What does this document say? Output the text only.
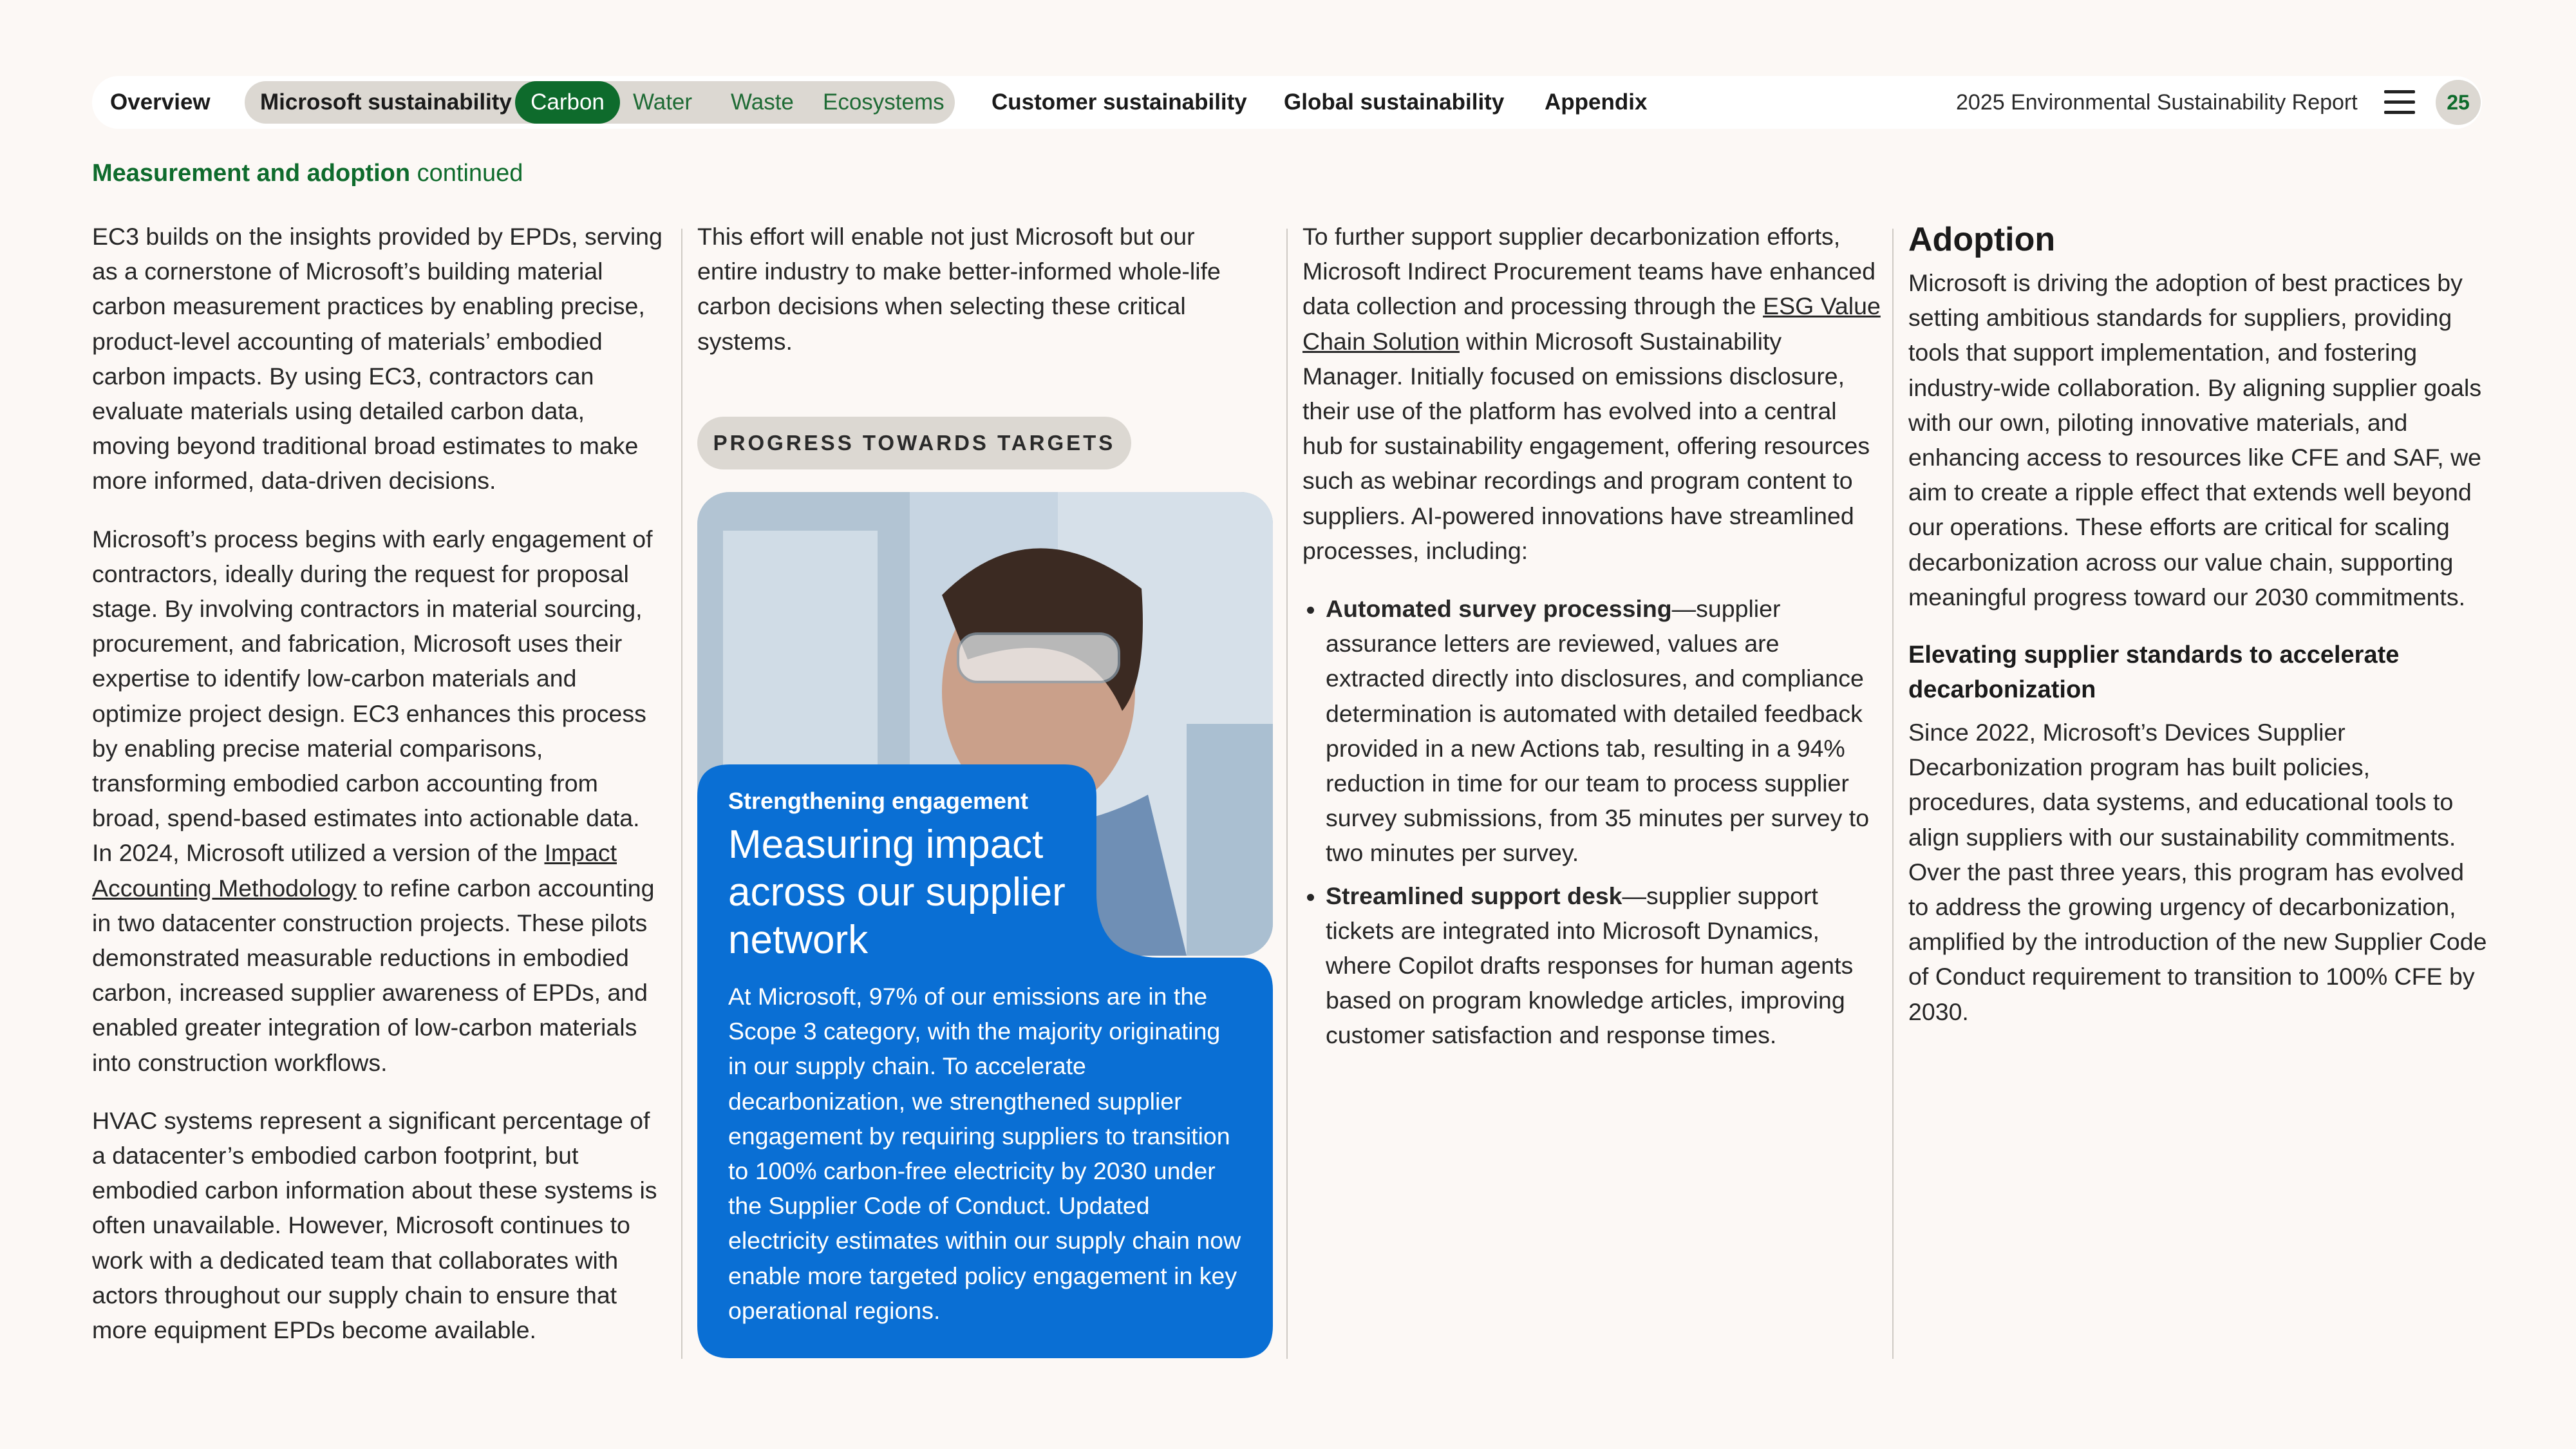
Overview Microsoft sustainability Carbon	Water Waste Ecosystems Customer sustainability Global sustainability Appendix	2025 Environmental Sustainability Report	25
Measurement and adoption continued

EC3 builds on the insights provided by EPDs, serving as a cornerstone of Microsoft’s building material carbon measurement practices by enabling precise, product-level accounting of materials’ embodied carbon impacts. By using EC3, contractors can evaluate materials using detailed carbon data, moving beyond traditional broad estimates to make more informed, data-driven decisions.

Microsoft’s process begins with early engagement of contractors, ideally during the request for proposal stage. By involving contractors in material sourcing, procurement, and fabrication, Microsoft uses their expertise to identify low-carbon materials and optimize project design. EC3 enhances this process by enabling precise material comparisons, transforming embodied carbon accounting from broad, spend-based estimates into actionable data. In 2024, Microsoft utilized a version of the Impact Accounting Methodology to refine carbon accounting in two datacenter construction projects. These pilots demonstrated measurable reductions in embodied carbon, increased supplier awareness of EPDs, and enabled greater integration of low-carbon materials into construction workflows.

HVAC systems represent a significant percentage of a datacenter’s embodied carbon footprint, but embodied carbon information about these systems is often unavailable. However, Microsoft continues to work with a dedicated team that collaborates with actors throughout our supply chain to ensure that more equipment EPDs become available.

This effort will enable not just Microsoft but our entire industry to make better-informed whole-life carbon decisions when selecting these critical systems.

PROGRESS TOWARDS TARGETS
Strengthening engagement
Measuring impact across our supplier network
At Microsoft, 97% of our emissions are in the Scope 3 category, with the majority originating in our supply chain. To accelerate decarbonization, we strengthened supplier engagement by requiring suppliers to transition to 100% carbon-free electricity by 2030 under the Supplier Code of Conduct. Updated electricity estimates within our supply chain now enable more targeted policy engagement in key operational regions.

To further support supplier decarbonization efforts, Microsoft Indirect Procurement teams have enhanced data collection and processing through the ESG Value Chain Solution within Microsoft Sustainability Manager. Initially focused on emissions disclosure, their use of the platform has evolved into a central hub for sustainability engagement, offering resources such as webinar recordings and program content to suppliers. AI-powered innovations have streamlined processes, including:

• Automated survey processing—supplier assurance letters are reviewed, values are extracted directly into disclosures, and compliance determination is automated with detailed feedback provided in a new Actions tab, resulting in a 94% reduction in time for our team to process supplier survey submissions, from 35 minutes per survey to two minutes per survey.
• Streamlined support desk—supplier support tickets are integrated into Microsoft Dynamics, where Copilot drafts responses for human agents based on program knowledge articles, improving customer satisfaction and response times.
Adoption

Microsoft is driving the adoption of best practices by setting ambitious standards for suppliers, providing tools that support implementation, and fostering industry-wide collaboration. By aligning supplier goals with our own, piloting innovative materials, and enhancing access to resources like CFE and SAF, we aim to create a ripple effect that extends well beyond our operations. These efforts are critical for scaling decarbonization across our value chain, supporting meaningful progress toward our 2030 commitments.

Elevating supplier standards to accelerate decarbonization

Since 2022, Microsoft’s Devices Supplier Decarbonization program has built policies, procedures, data systems, and educational tools to align suppliers with our sustainability commitments. Over the past three years, this program has evolved to address the growing urgency of decarbonization, amplified by the introduction of the new Supplier Code of Conduct requirement to transition to 100% CFE by 2030.
